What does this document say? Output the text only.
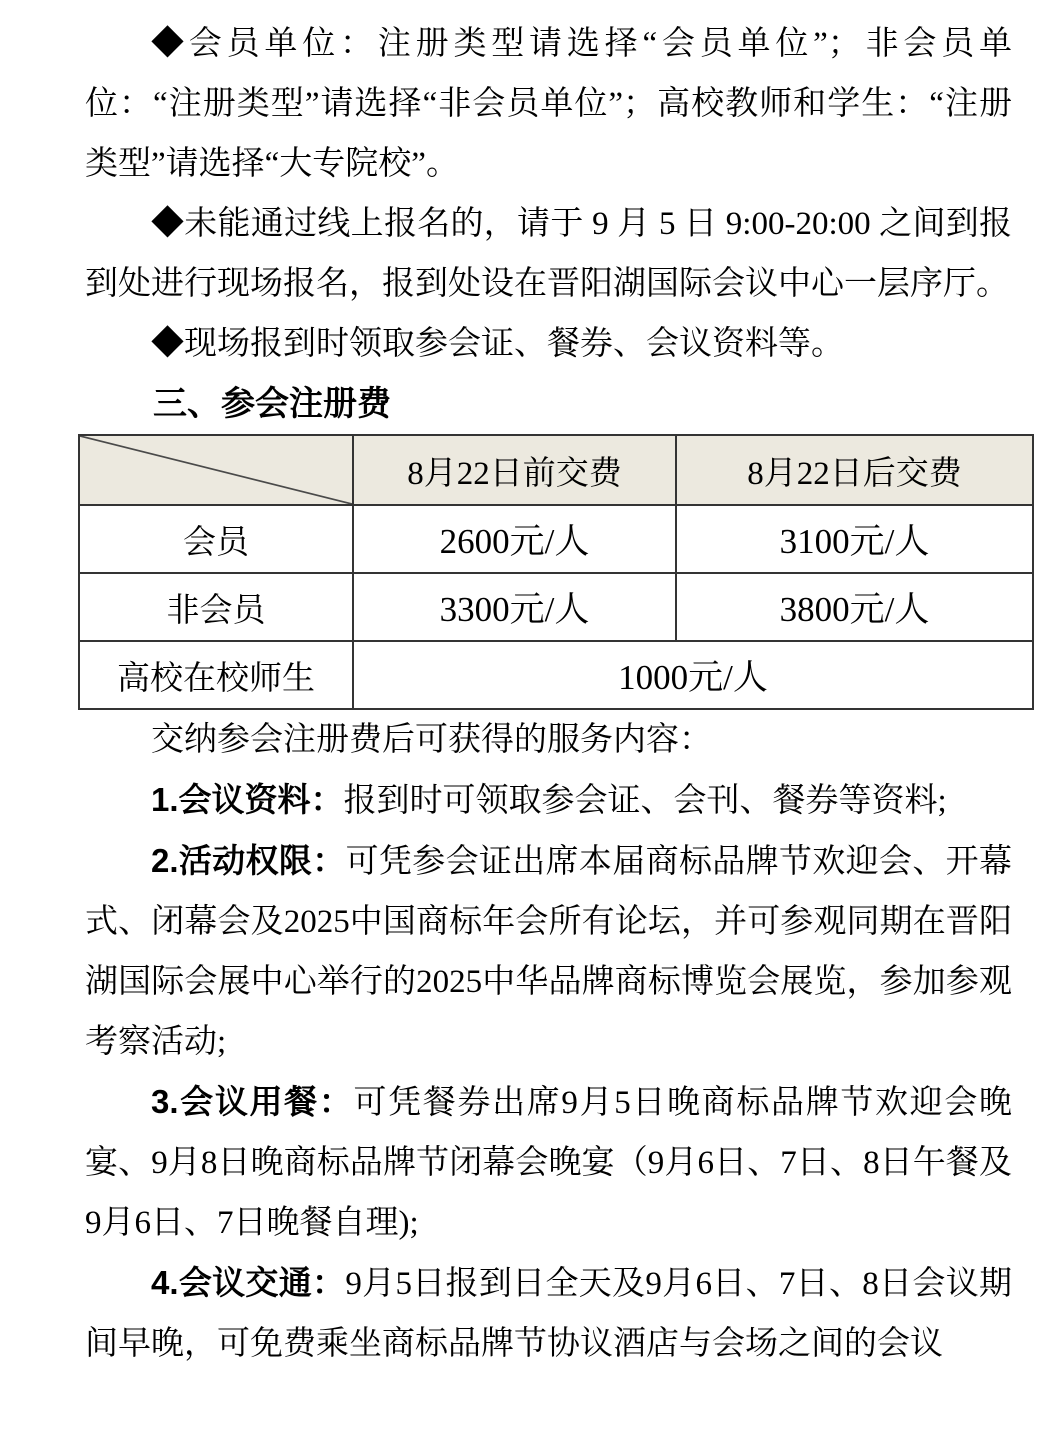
◆会员单位：注册类型请选择“会员单位”；非会员单位：“注册类型”请选择“非会员单位”；高校教师和学生：“注册类型”请选择“大专院校”。

◆未能通过线上报名的，请于 9 月 5 日 9:00-20:00 之间到报到处进行现场报名，报到处设在晋阳湖国际会议中心一层序厅。

◆现场报到时领取参会证、餐券、会议资料等。

三、参会注册费

	8月22日前交费	8月22日后交费
会员	2600元/人	3100元/人
非会员	3300元/人	3800元/人
高校在校师生	1000元/人	

交纳参会注册费后可获得的服务内容：

1.会议资料：报到时可领取参会证、会刊、餐券等资料;

2.活动权限：可凭参会证出席本届商标品牌节欢迎会、开幕式、闭幕会及2025中国商标年会所有论坛，并可参观同期在晋阳湖国际会展中心举行的2025中华品牌商标博览会展览，参加参观考察活动;

3.会议用餐：可凭餐券出席9月5日晚商标品牌节欢迎会晚宴、9月8日晚商标品牌节闭幕会晚宴（9月6日、7日、8日午餐及9月6日、7日晚餐自理);

4.会议交通：9月5日报到日全天及9月6日、7日、8日会议期间早晚，可免费乘坐商标品牌节协议酒店与会场之间的会议
